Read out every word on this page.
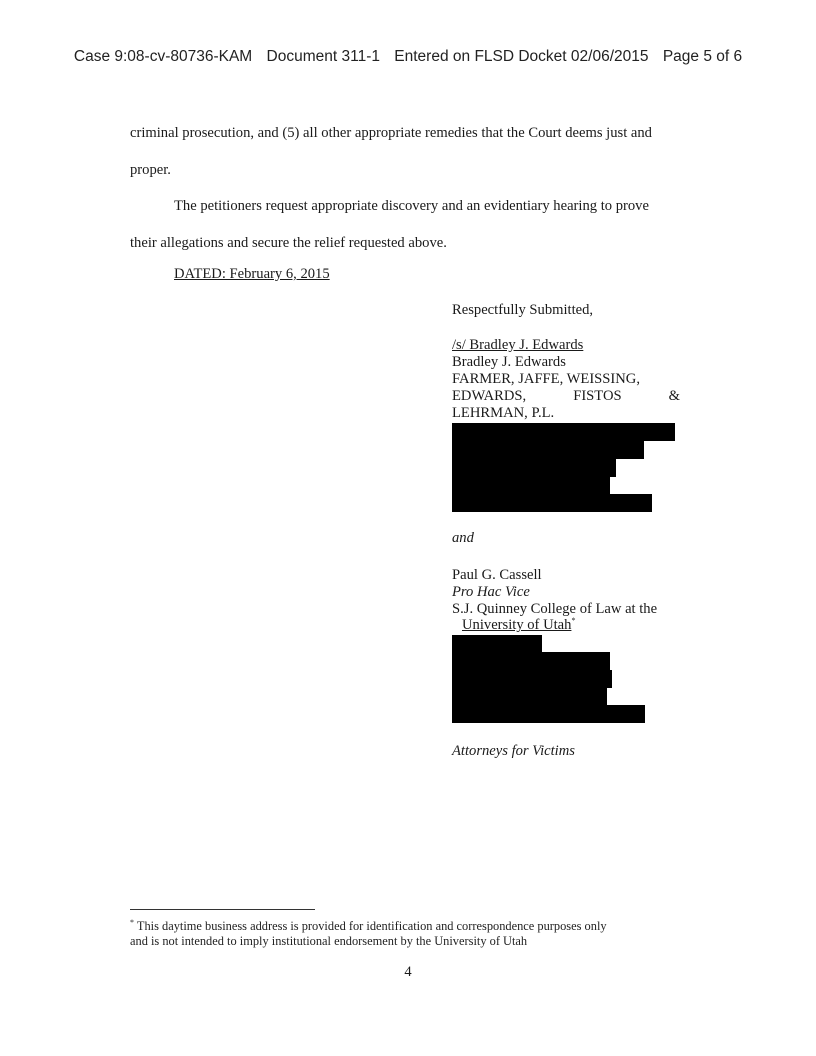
Case 9:08-cv-80736-KAM Document 311-1 Entered on FLSD Docket 02/06/2015 Page 5 of 6
criminal prosecution, and (5) all other appropriate remedies that the Court deems just and
proper.
The petitioners request appropriate discovery and an evidentiary hearing to prove
their allegations and secure the relief requested above.
DATED: February 6, 2015
Respectfully Submitted,
/s/ Bradley J. Edwards
Bradley J. Edwards
FARMER, JAFFE, WEISSING,
EDWARDS,	FISTOS	&
LEHRMAN, P.L.
and
Paul G. Cassell
Pro Hac Vice
S.J. Quinney College of Law at the
University of Utah*
Attorneys for Victims
* This daytime business address is provided for identification and correspondence purposes only
and is not intended to imply institutional endorsement by the University of Utah
4
